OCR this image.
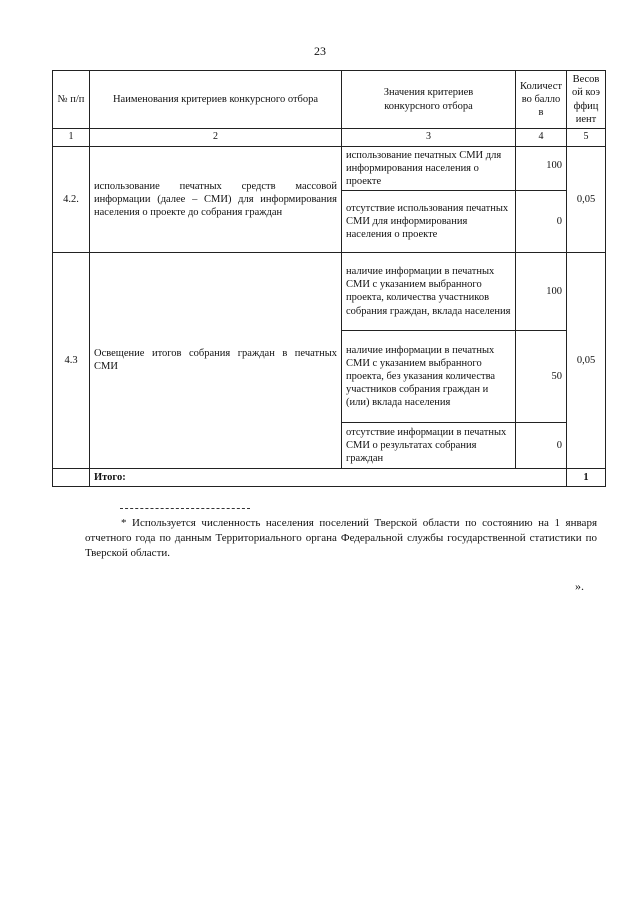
23
№ п/п	Наименования критериев конкурсного отбора	Значения критериев конкурсного отбора	Количество баллов	Весовой коэффициент
1	2	3	4	5
4.2.	использование печатных средств массовой информации (далее – СМИ) для информирования населения о проекте до собрания граждан	использование печатных СМИ для информирования населения о проекте	100	0,05
		отсутствие использования печатных СМИ для информирования населения о проекте	0	
4.3	Освещение итогов собрания граждан в печатных СМИ	наличие информации в печатных СМИ с указанием выбранного проекта, количества участников собрания граждан, вклада населения	100	0,05
		наличие информации в печатных СМИ с указанием выбранного проекта, без указания количества участников собрания граждан и (или) вклада населения	50	
		отсутствие информации в печатных СМИ о результатах собрания граждан	0	
	Итого:			1
* Используется численность населения поселений Тверской области по состоянию на 1 января отчетного года по данным Территориального органа Федеральной службы государственной статистики по Тверской области.
».
